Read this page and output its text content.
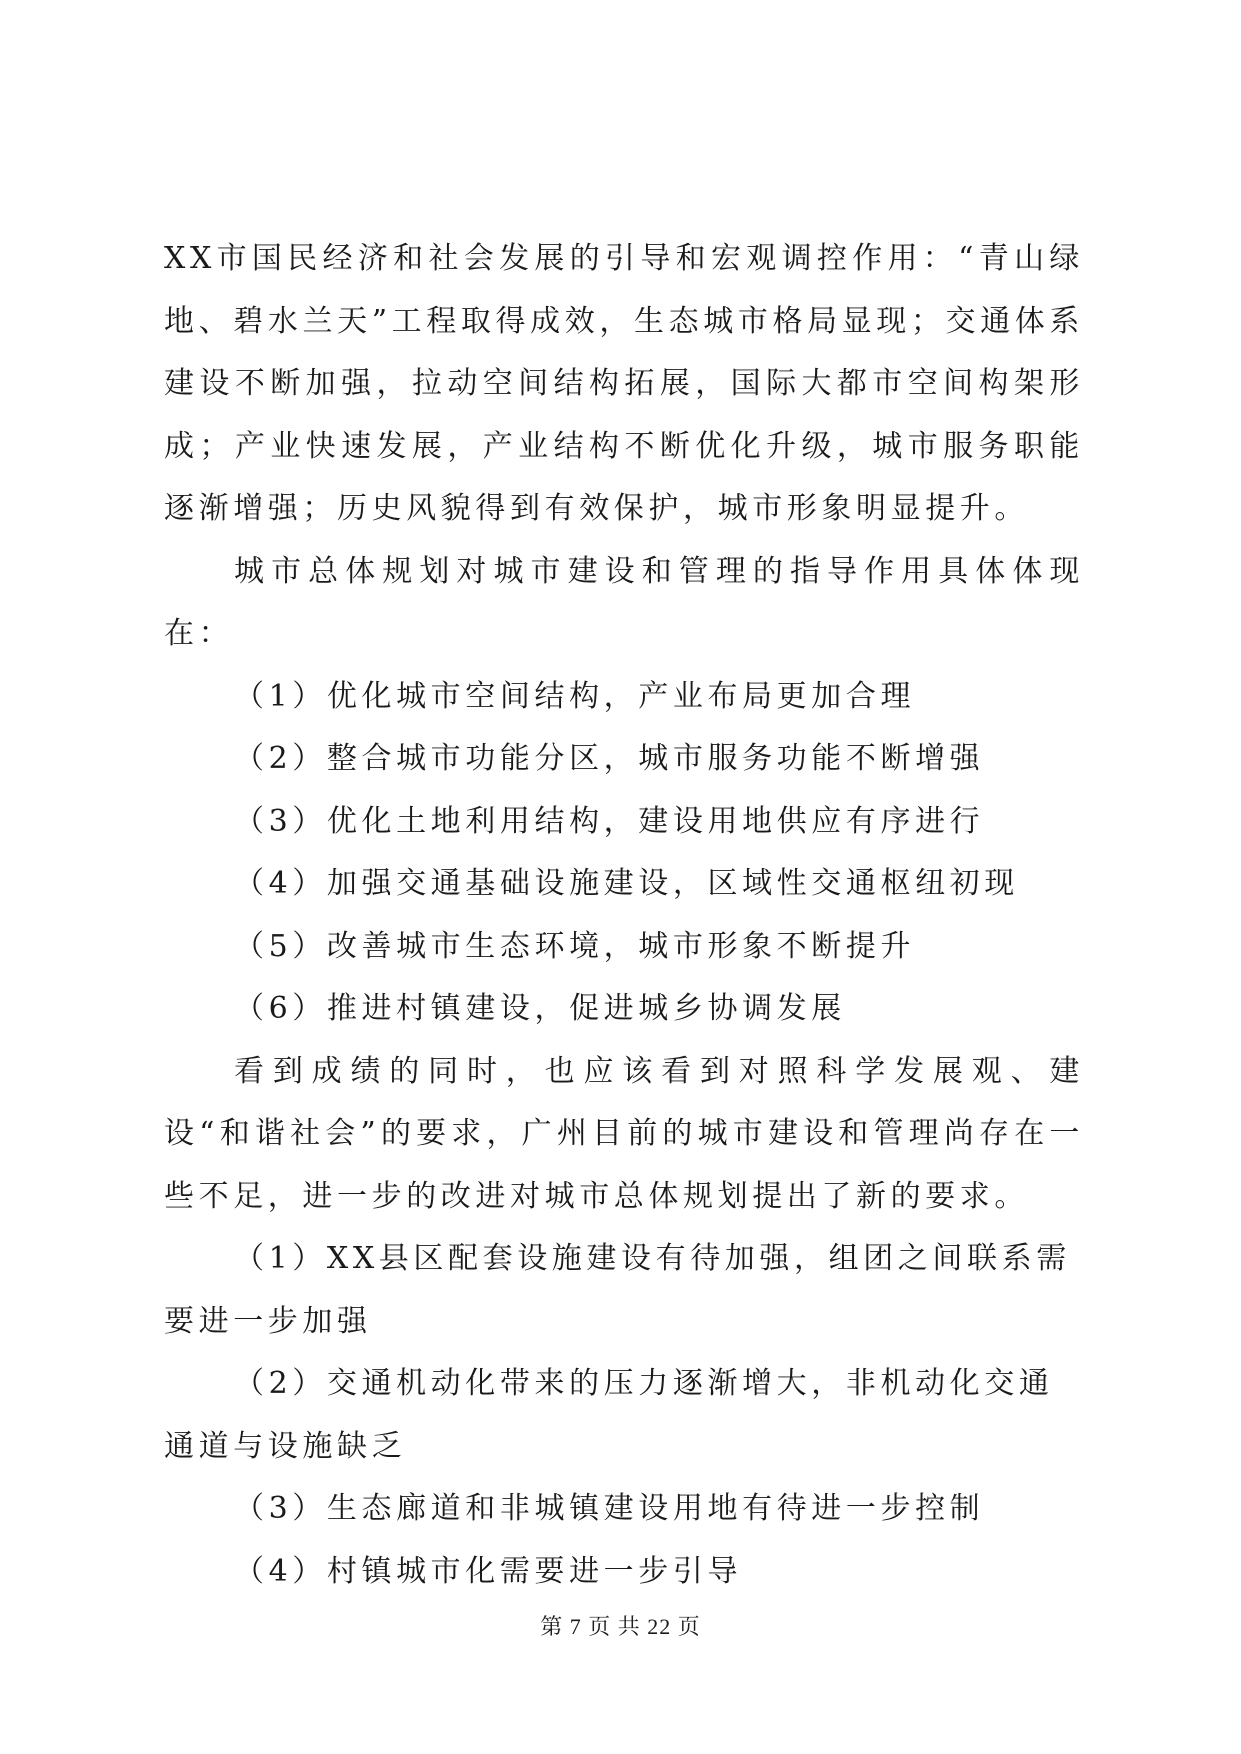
XX市国民经济和社会发展的引导和宏观调控作用：“青山绿地、碧水兰天”工程取得成效，生态城市格局显现；交通体系建设不断加强，拉动空间结构拓展，国际大都市空间构架形成；产业快速发展，产业结构不断优化升级，城市服务职能逐渐增强；历史风貌得到有效保护，城市形象明显提升。

城市总体规划对城市建设和管理的指导作用具体体现在：

（1）优化城市空间结构，产业布局更加合理
（2）整合城市功能分区，城市服务功能不断增强
（3）优化土地利用结构，建设用地供应有序进行
（4）加强交通基础设施建设，区域性交通枢纽初现
（5）改善城市生态环境，城市形象不断提升
（6）推进村镇建设，促进城乡协调发展

看到成绩的同时，也应该看到对照科学发展观、建设“和谐社会”的要求，广州目前的城市建设和管理尚存在一些不足，进一步的改进对城市总体规划提出了新的要求。

（1）XX县区配套设施建设有待加强，组团之间联系需要进一步加强
（2）交通机动化带来的压力逐渐增大，非机动化交通通道与设施缺乏
（3）生态廊道和非城镇建设用地有待进一步控制
（4）村镇城市化需要进一步引导
第 7 页 共 22 页
